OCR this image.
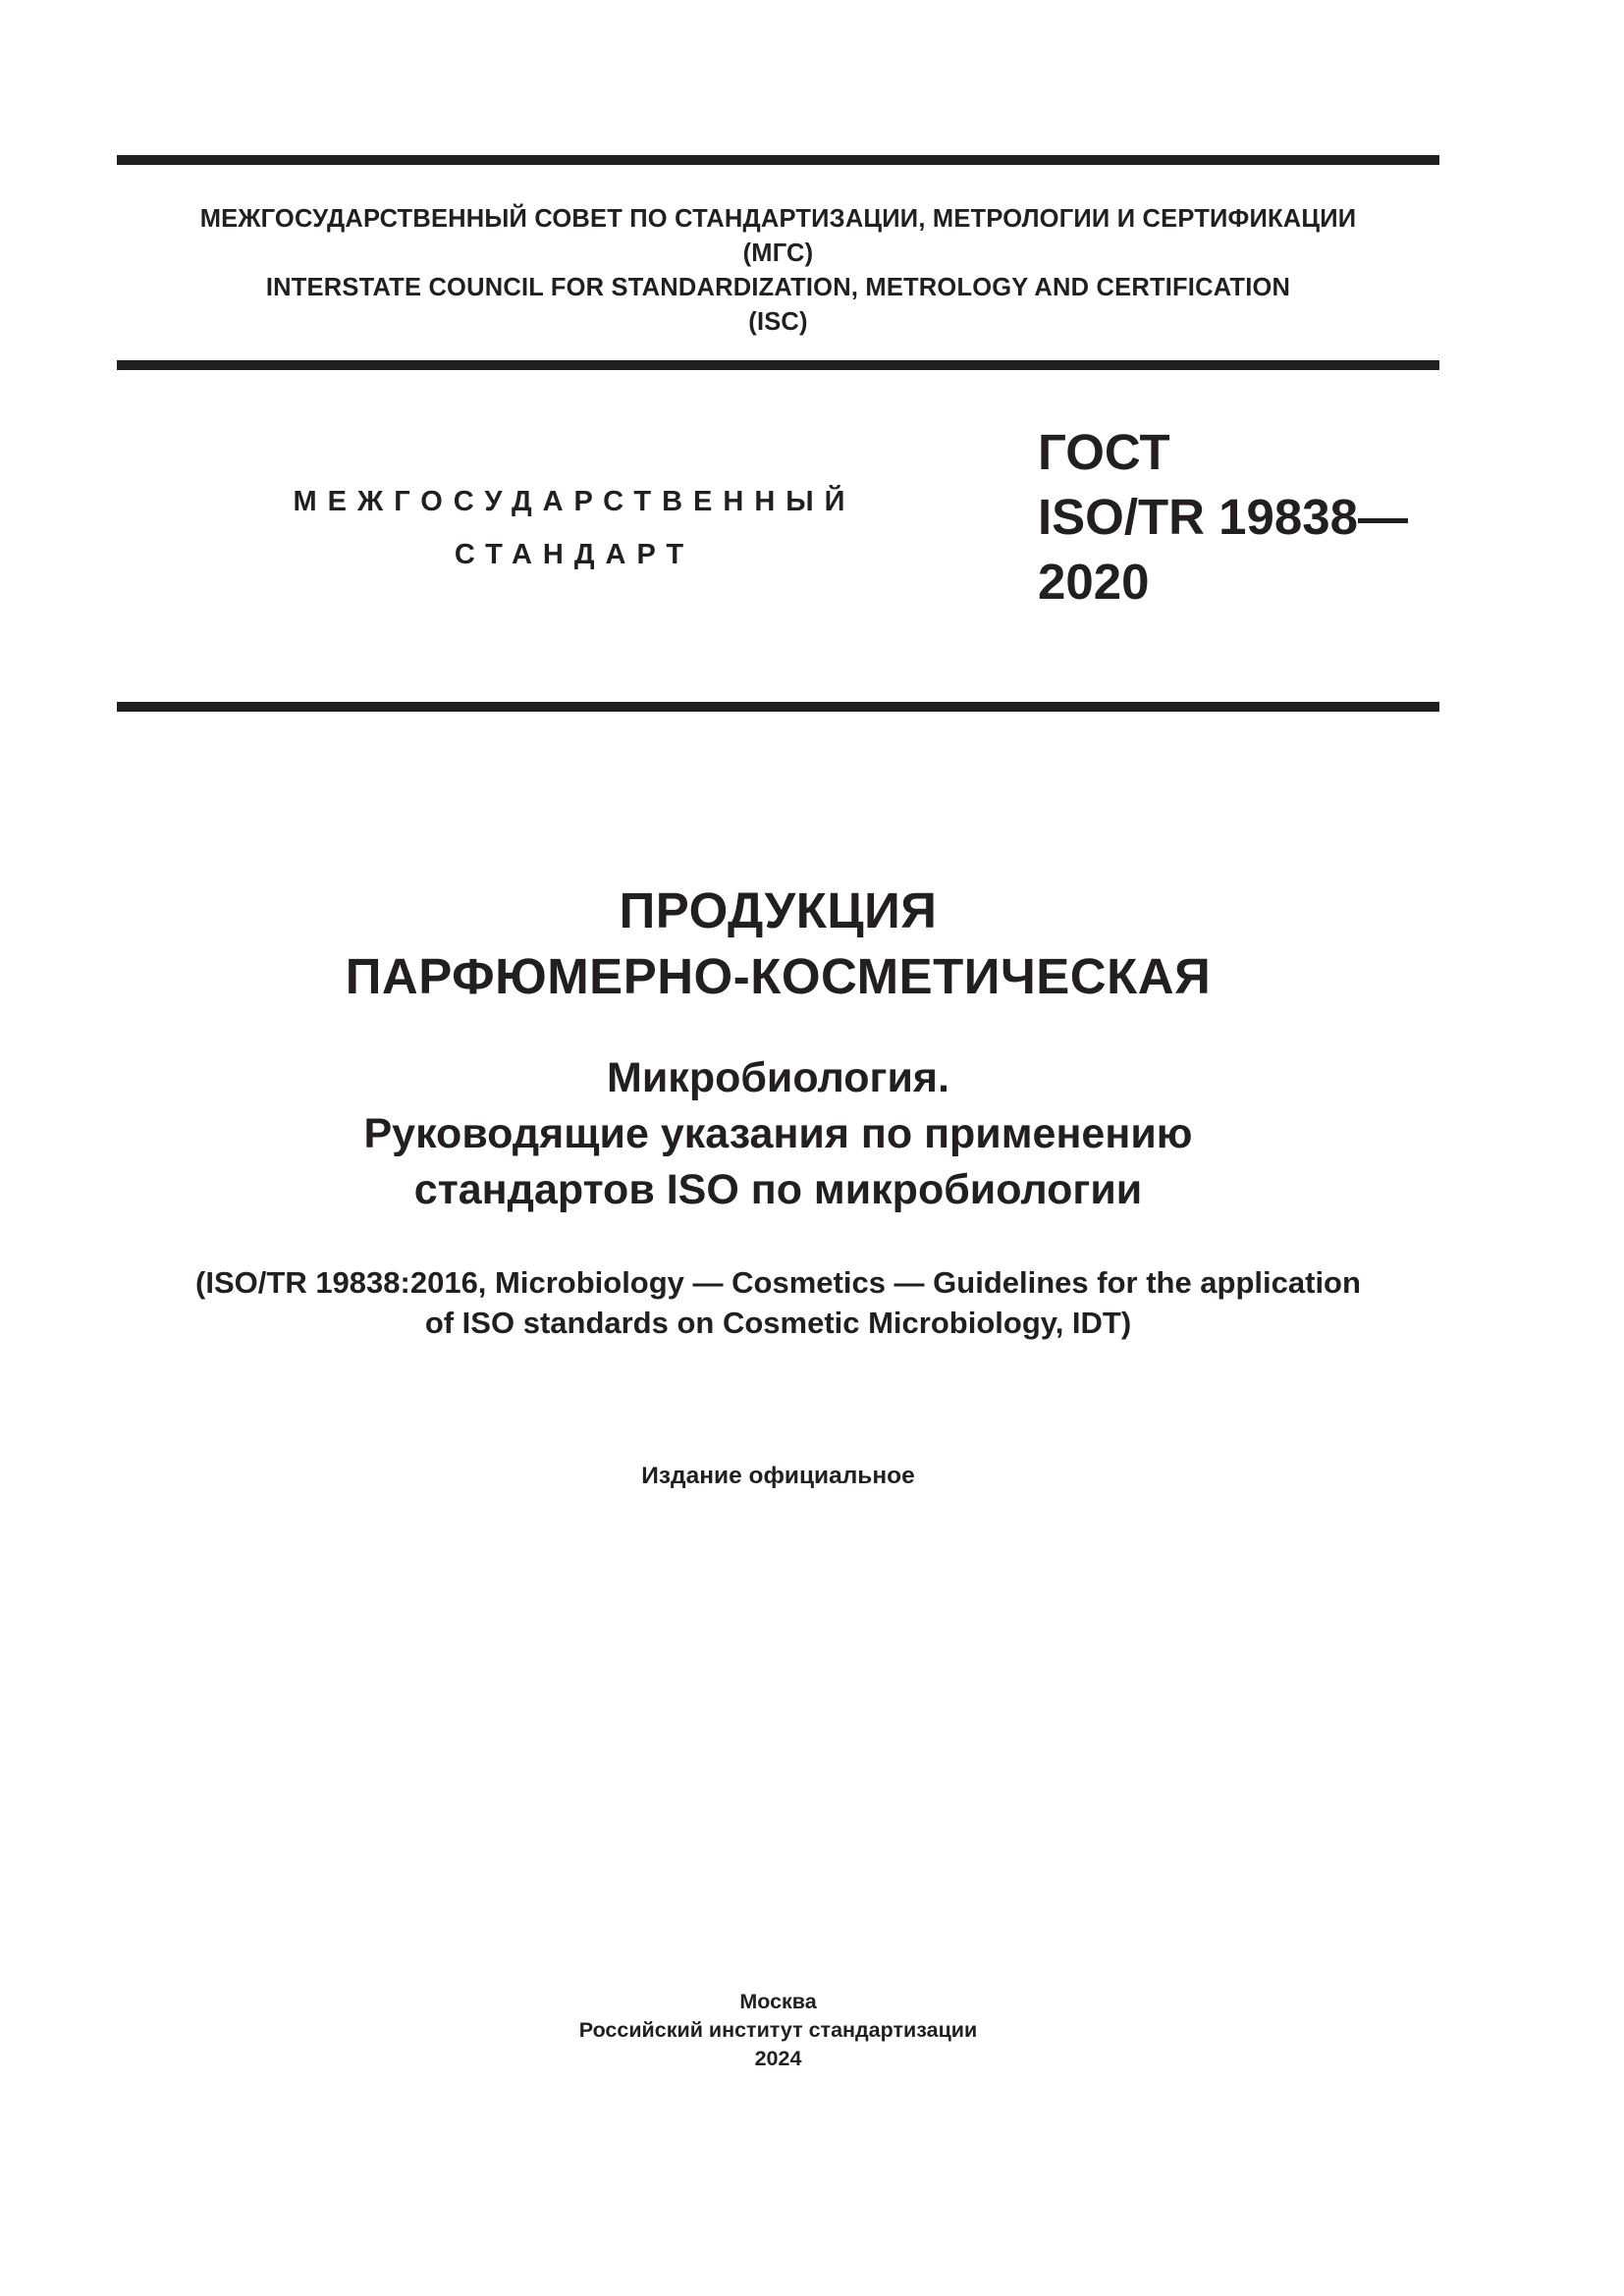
МЕЖГОСУДАРСТВЕННЫЙ СОВЕТ ПО СТАНДАРТИЗАЦИИ, МЕТРОЛОГИИ И СЕРТИФИКАЦИИ
(МГС)
INTERSTATE COUNCIL FOR STANDARDIZATION, METROLOGY AND CERTIFICATION
(ISC)
МЕЖГОСУДАРСТВЕННЫЙ
СТАНДАРТ
ГОСТ
ISO/TR 19838—
2020
ПРОДУКЦИЯ
ПАРФЮМЕРНО-КОСМЕТИЧЕСКАЯ
Микробиология.
Руководящие указания по применению
стандартов ISO по микробиологии
(ISO/TR 19838:2016, Microbiology — Cosmetics — Guidelines for the application
of ISO standards on Cosmetic Microbiology, IDT)
Издание официальное
Москва
Российский институт стандартизации
2024
